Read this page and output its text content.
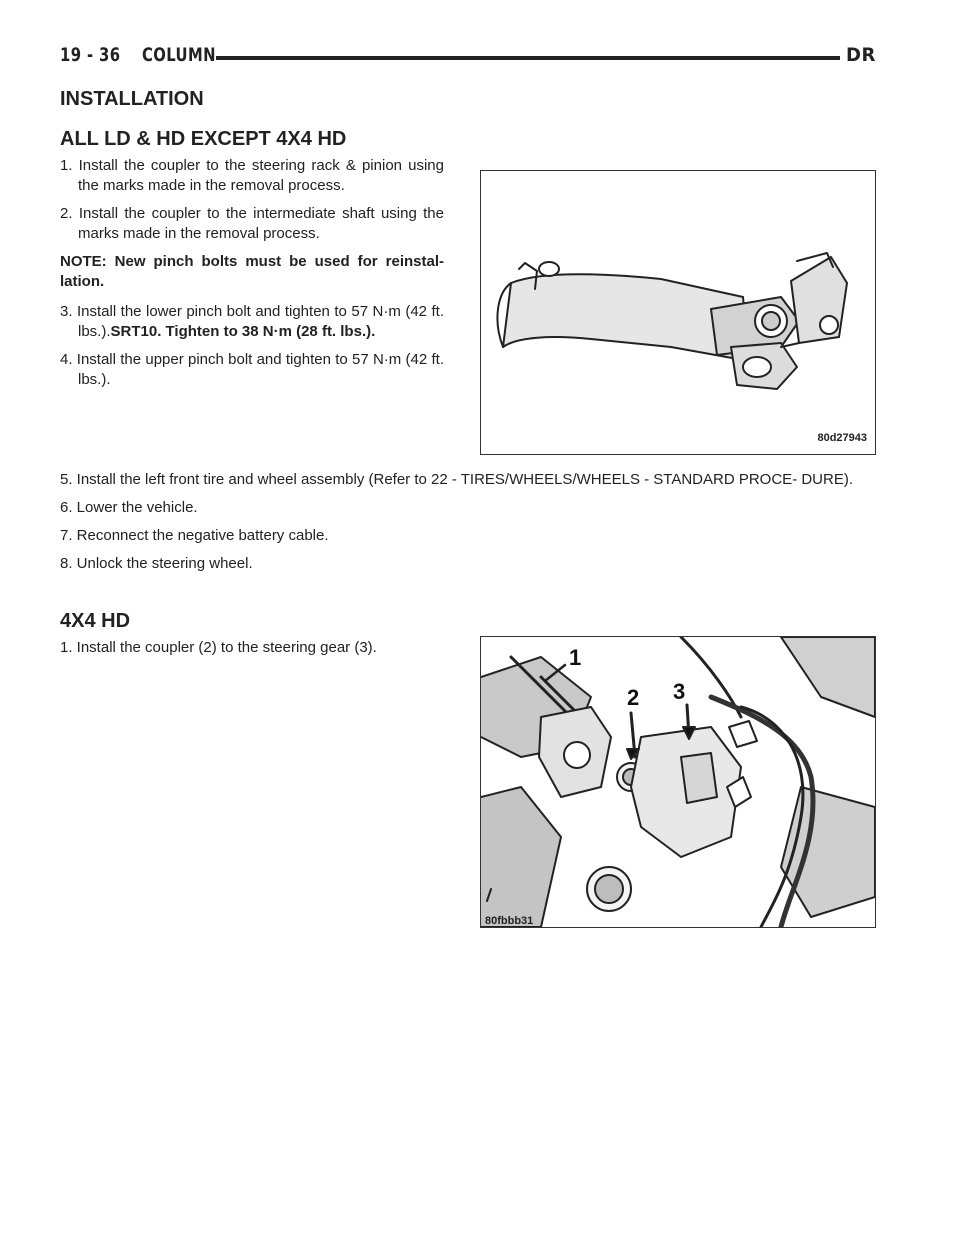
19 - 36 COLUMN	DR
INSTALLATION
ALL LD & HD EXCEPT 4X4 HD

1. Install the coupler to the steering rack & pinion using the marks made in the removal process.

2. Install the coupler to the intermediate shaft using the marks made in the removal process.

NOTE: New pinch bolts must be used for reinstal- lation.

3. Install the lower pinch bolt and tighten to 57 N·m (42 ft. lbs.).SRT10. Tighten to 38 N·m (28 ft. lbs.).

4. Install the upper pinch bolt and tighten to 57 N·m (42 ft. lbs.).

80d27943

5. Install the left front tire and wheel assembly (Refer to 22 - TIRES/WHEELS/WHEELS - STANDARD PROCE- DURE).

6. Lower the vehicle.

7. Reconnect the negative battery cable.

8. Unlock the steering wheel.

4X4 HD

1. Install the coupler (2) to the steering gear (3).	1
2 3
80fbbb31
